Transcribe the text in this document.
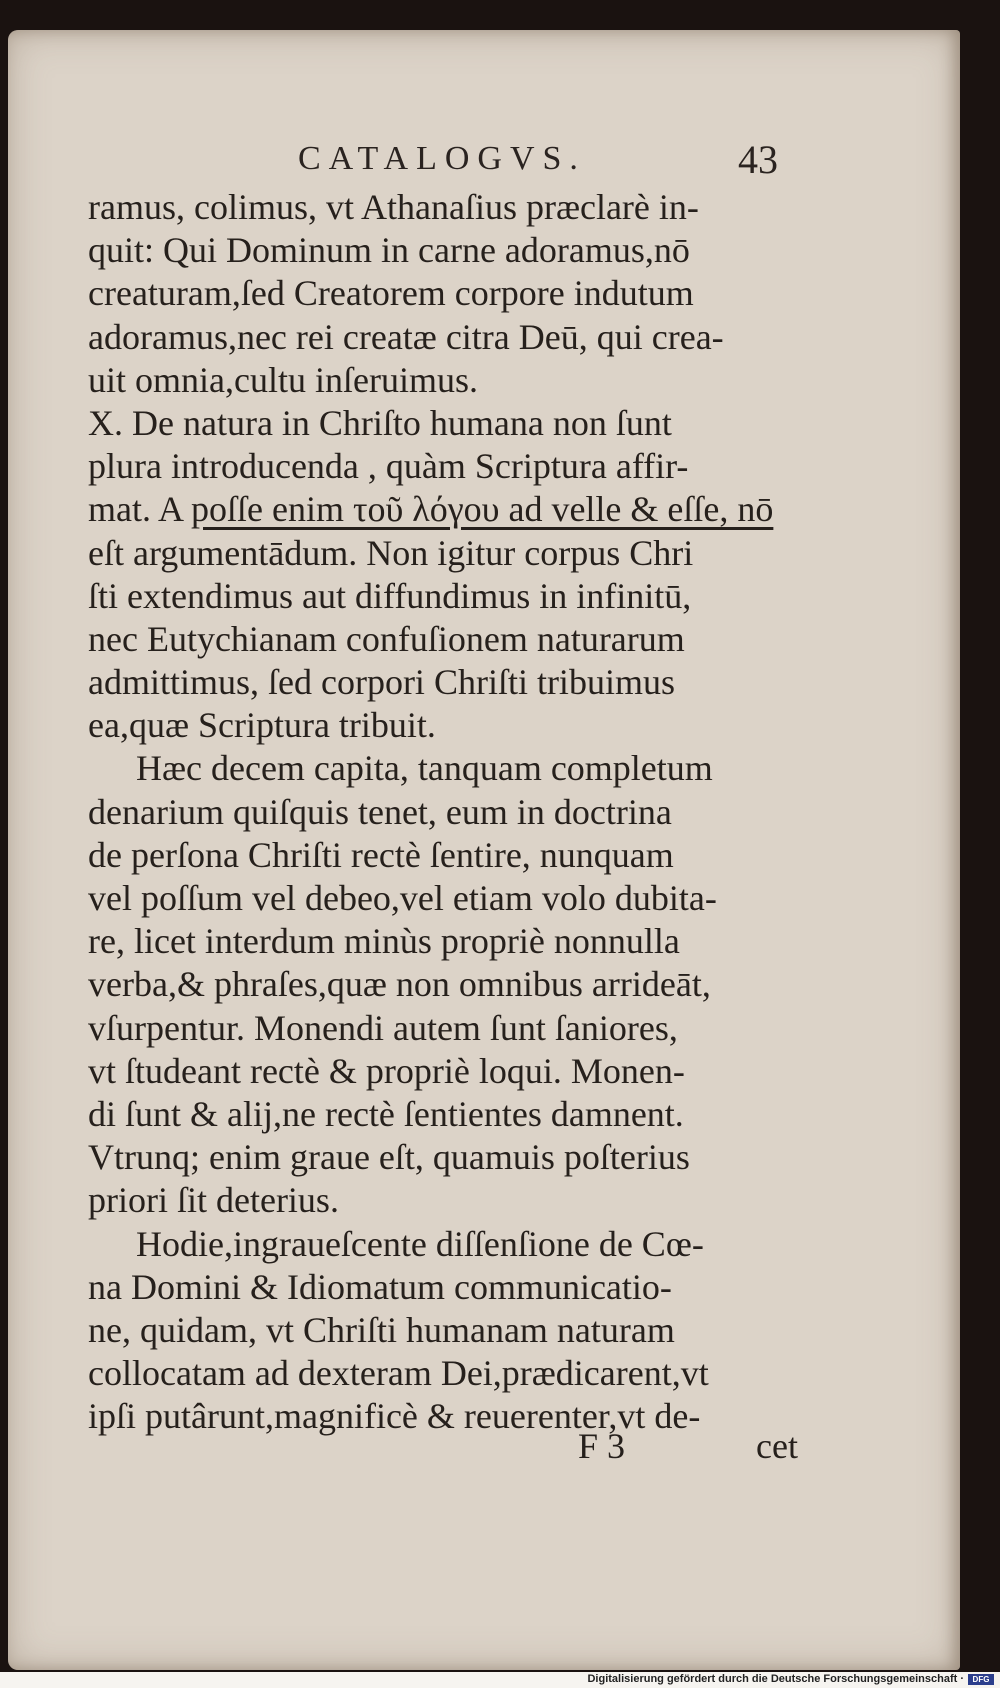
CATALOGVS.	43
ramus, colimus, vt Athanaſius præclarè in-
quit: Qui Dominum in carne adoramus,nō
creaturam,ſed Creatorem corpore indutum
adoramus,nec rei creatæ citra Deū, qui crea-
uit omnia,cultu inſeruimus.
X. De natura in Chriſto humana non ſunt
plura introducenda , quàm Scriptura affir-
mat. A poſſe enim τοῦ λόγου ad velle & eſſe, nō
eſt argumentādum. Non igitur corpus Chri
ſti extendimus aut diffundimus in infinitū,
nec Eutychianam confuſionem naturarum
admittimus, ſed corpori Chriſti tribuimus
ea,quæ Scriptura tribuit.
Hæc decem capita, tanquam completum
denarium quiſquis tenet, eum in doctrina
de perſona Chriſti rectè ſentire, nunquam
vel poſſum vel debeo,vel etiam volo dubita-
re, licet interdum minùs propriè nonnulla
verba,& phraſes,quæ non omnibus arrideāt,
vſurpentur. Monendi autem ſunt ſaniores,
vt ſtudeant rectè & propriè loqui. Monen-
di ſunt & alij,ne rectè ſentientes damnent.
Vtrunq; enim graue eſt, quamuis poſterius
priori ſit deterius.
Hodie,ingraueſcente diſſenſione de Cœ-
na Domini & Idiomatum communicatio-
ne, quidam, vt Chriſti humanam naturam
collocatam ad dexteram Dei,prædicarent,vt
ipſi putârunt,magnificè & reuerenter,vt de-
F 3	cet
Digitalisierung gefördert durch die Deutsche Forschungsgemeinschaft ·	DFG
